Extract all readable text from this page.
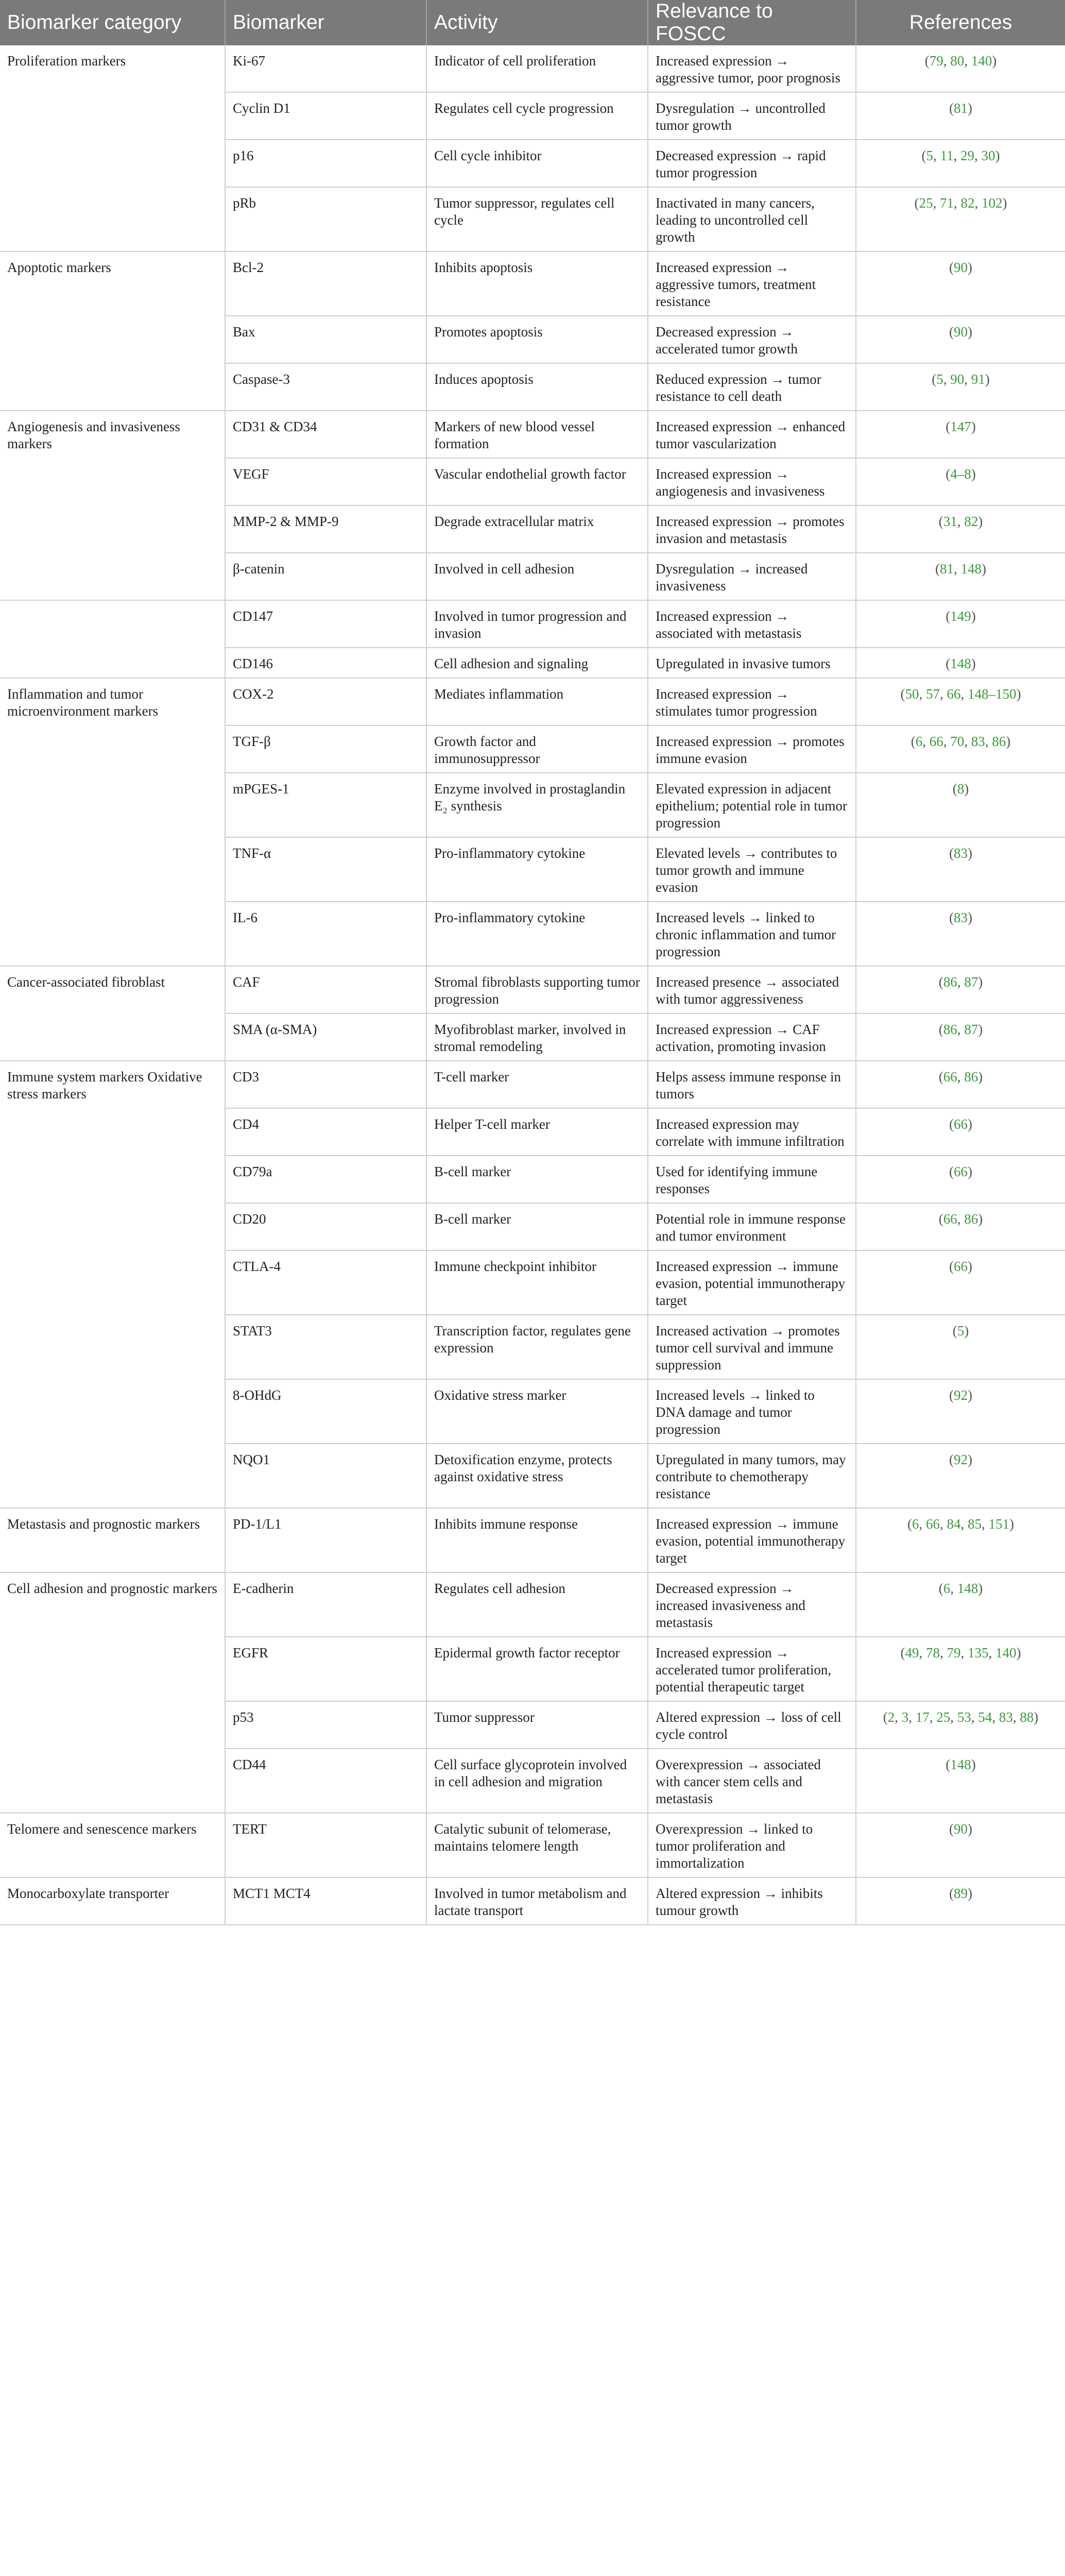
Biomarker category	Biomarker	Activity	Relevance to FOSCC	References
Proliferation markers	Ki-67	Indicator of cell proliferation	Increased expression → aggressive tumor, poor prognosis	(79, 80, 140)
	Cyclin D1	Regulates cell cycle progression	Dysregulation → uncontrolled tumor growth	(81)
	p16	Cell cycle inhibitor	Decreased expression → rapid tumor progression	(5, 11, 29, 30)
	pRb	Tumor suppressor, regulates cell cycle	Inactivated in many cancers, leading to uncontrolled cell growth	(25, 71, 82, 102)
Apoptotic markers	Bcl-2	Inhibits apoptosis	Increased expression → aggressive tumors, treatment resistance	(90)
	Bax	Promotes apoptosis	Decreased expression → accelerated tumor growth	(90)
	Caspase-3	Induces apoptosis	Reduced expression → tumor resistance to cell death	(5, 90, 91)
Angiogenesis and invasiveness markers	CD31 & CD34	Markers of new blood vessel formation	Increased expression → enhanced tumor vascularization	(147)
	VEGF	Vascular endothelial growth factor	Increased expression → angiogenesis and invasiveness	(4–8)
	MMP-2 & MMP-9	Degrade extracellular matrix	Increased expression → promotes invasion and metastasis	(31, 82)
	β-catenin	Involved in cell adhesion	Dysregulation → increased invasiveness	(81, 148)
	CD147	Involved in tumor progression and invasion	Increased expression → associated with metastasis	(149)
	CD146	Cell adhesion and signaling	Upregulated in invasive tumors	(148)
Inflammation and tumor microenvironment markers	COX-2	Mediates inflammation	Increased expression → stimulates tumor progression	(50, 57, 66, 148–150)
	TGF-β	Growth factor and immunosuppressor	Increased expression → promotes immune evasion	(6, 66, 70, 83, 86)
	mPGES-1	Enzyme involved in prostaglandin E₂ synthesis	Elevated expression in adjacent epithelium; potential role in tumor progression	(8)
	TNF-α	Pro-inflammatory cytokine	Elevated levels → contributes to tumor growth and immune evasion	(83)
	IL-6	Pro-inflammatory cytokine	Increased levels → linked to chronic inflammation and tumor progression	(83)
Cancer-associated fibroblast	CAF	Stromal fibroblasts supporting tumor progression	Increased presence → associated with tumor aggressiveness	(86, 87)
	SMA (α-SMA)	Myofibroblast marker, involved in stromal remodeling	Increased expression → CAF activation, promoting invasion	(86, 87)
Immune system markers Oxidative stress markers	CD3	T-cell marker	Helps assess immune response in tumors	(66, 86)
	CD4	Helper T-cell marker	Increased expression may correlate with immune infiltration	(66)
	CD79a	B-cell marker	Used for identifying immune responses	(66)
	CD20	B-cell marker	Potential role in immune response and tumor environment	(66, 86)
	CTLA-4	Immune checkpoint inhibitor	Increased expression → immune evasion, potential immunotherapy target	(66)
	STAT3	Transcription factor, regulates gene expression	Increased activation → promotes tumor cell survival and immune suppression	(5)
	8-OHdG	Oxidative stress marker	Increased levels → linked to DNA damage and tumor progression	(92)
	NQO1	Detoxification enzyme, protects against oxidative stress	Upregulated in many tumors, may contribute to chemotherapy resistance	(92)
Metastasis and prognostic markers	PD-1/L1	Inhibits immune response	Increased expression → immune evasion, potential immunotherapy target	(6, 66, 84, 85, 151)
Cell adhesion and prognostic markers	E-cadherin	Regulates cell adhesion	Decreased expression → increased invasiveness and metastasis	(6, 148)
	EGFR	Epidermal growth factor receptor	Increased expression → accelerated tumor proliferation, potential therapeutic target	(49, 78, 79, 135, 140)
	p53	Tumor suppressor	Altered expression → loss of cell cycle control	(2, 3, 17, 25, 53, 54, 83, 88)
	CD44	Cell surface glycoprotein involved in cell adhesion and migration	Overexpression → associated with cancer stem cells and metastasis	(148)
Telomere and senescence markers	TERT	Catalytic subunit of telomerase, maintains telomere length	Overexpression → linked to tumor proliferation and immortalization	(90)
Monocarboxylate transporter	MCT1 MCT4	Involved in tumor metabolism and lactate transport	Altered expression → inhibits tumour growth	(89)
